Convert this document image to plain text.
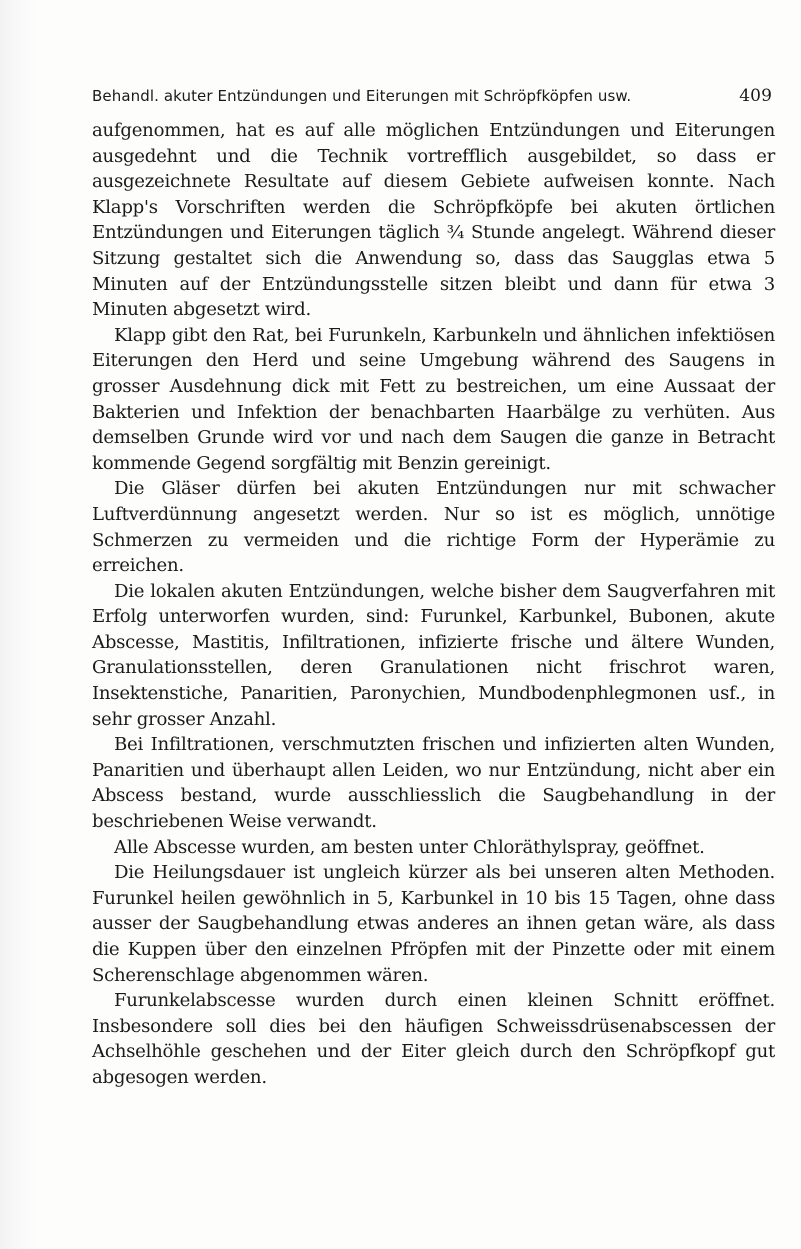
Behandl. akuter Entzündungen und Eiterungen mit Schröpfköpfen usw.	409

aufgenommen, hat es auf alle möglichen Entzündungen und Eiterungen ausgedehnt und die Technik vortrefflich ausgebildet, so dass er ausgezeichnete Resultate auf diesem Gebiete aufweisen konnte. Nach Klapp's Vorschriften werden die Schröpfköpfe bei akuten örtlichen Entzündungen und Eiterungen täglich ¾ Stunde angelegt. Während dieser Sitzung gestaltet sich die Anwendung so, dass das Saugglas etwa 5 Minuten auf der Entzündungsstelle sitzen bleibt und dann für etwa 3 Minuten abgesetzt wird.

Klapp gibt den Rat, bei Furunkeln, Karbunkeln und ähnlichen infektiösen Eiterungen den Herd und seine Umgebung während des Saugens in grosser Ausdehnung dick mit Fett zu bestreichen, um eine Aussaat der Bakterien und Infektion der benachbarten Haarbälge zu verhüten. Aus demselben Grunde wird vor und nach dem Saugen die ganze in Betracht kommende Gegend sorgfältig mit Benzin gereinigt.

Die Gläser dürfen bei akuten Entzündungen nur mit schwacher Luftverdünnung angesetzt werden. Nur so ist es möglich, unnötige Schmerzen zu vermeiden und die richtige Form der Hyperämie zu erreichen.

Die lokalen akuten Entzündungen, welche bisher dem Saugverfahren mit Erfolg unterworfen wurden, sind: Furunkel, Karbunkel, Bubonen, akute Abscesse, Mastitis, Infiltrationen, infizierte frische und ältere Wunden, Granulationsstellen, deren Granulationen nicht frischrot waren, Insektenstiche, Panaritien, Paronychien, Mundbodenphlegmonen usf., in sehr grosser Anzahl.

Bei Infiltrationen, verschmutzten frischen und infizierten alten Wunden, Panaritien und überhaupt allen Leiden, wo nur Entzündung, nicht aber ein Abscess bestand, wurde ausschliesslich die Saugbehandlung in der beschriebenen Weise verwandt.

Alle Abscesse wurden, am besten unter Chloräthylspray, geöffnet.

Die Heilungsdauer ist ungleich kürzer als bei unseren alten Methoden. Furunkel heilen gewöhnlich in 5, Karbunkel in 10 bis 15 Tagen, ohne dass ausser der Saugbehandlung etwas anderes an ihnen getan wäre, als dass die Kuppen über den einzelnen Pfröpfen mit der Pinzette oder mit einem Scherenschlage abgenommen wären.

Furunkelabscesse wurden durch einen kleinen Schnitt eröffnet. Insbesondere soll dies bei den häufigen Schweissdrüsenabscessen der Achselhöhle geschehen und der Eiter gleich durch den Schröpfkopf gut abgesogen werden.
